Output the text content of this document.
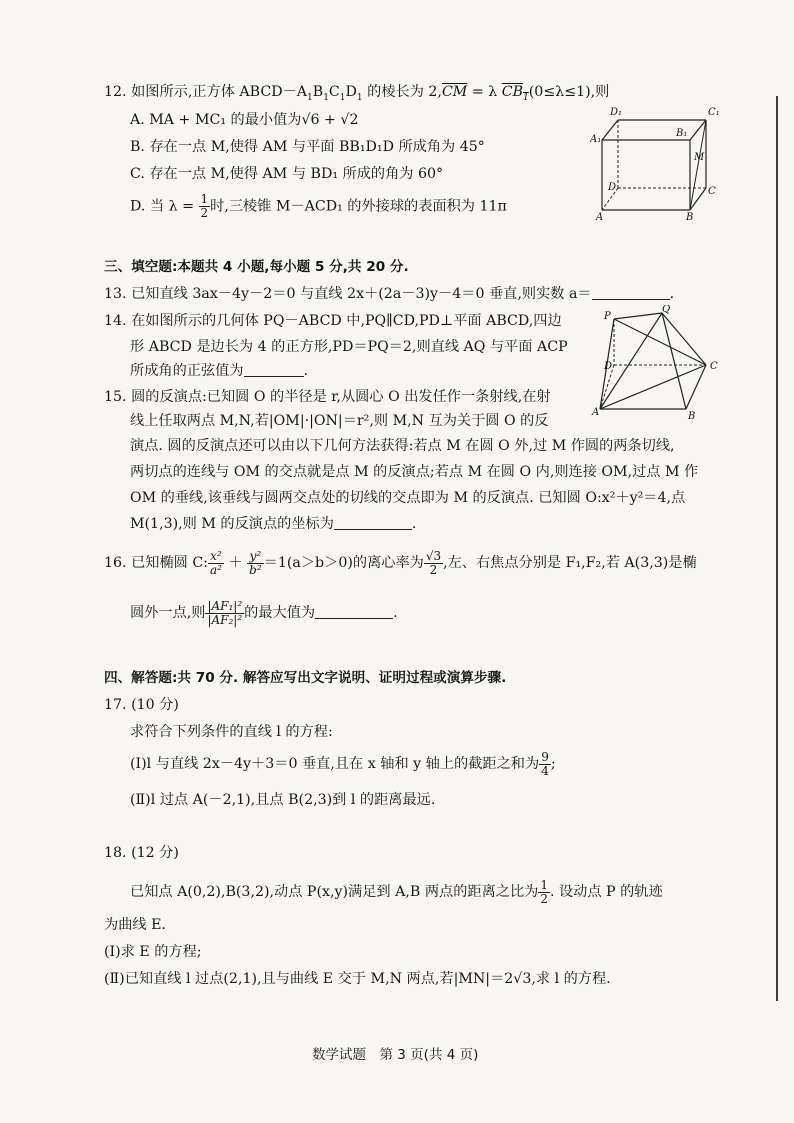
12. 如图所示,正方体 $ABCD-A_1B_1C_1D_1$ 的棱长为 $2,\overline{CM} = \lambda$ $CB_1(0\le\lambda\le 1)$,则
A. MA + MC₁ 的最小值为√6 + √2
B. 存在一点 M,使得 AM 与平面 BB₁D₁D 所成角为 45°
C. 存在一点 M,使得 AM 与 BD₁ 所成的角为 60°
D. 当 $\lambda = \frac{1}{2}$ 时,三棱锥 M－ACD₁ 的外接球的表面积为 11π
D₁	C₁
A₁
B₁
M
D	C
A	B
三、填空题:本题共 4 小题,每小题 5 分,共 20 分.
13. 已知直线 3ax－4y－2＝0 与直线 2x＋(2a－3)y－4＝0 垂直,则实数 a＝	.
14. 在如图所示的几何体 PQ－ABCD 中,PQ∥CD,PD⊥平面 ABCD,四边
形 ABCD 是边长为 4 的正方形,PD＝PQ＝2,则直线 AQ 与平面 ACP
所成角的正弦值为	.
P
Q
D	C
A	B
15. 圆的反演点:已知圆 O 的半径是 r,从圆心 O 出发任作一条射线,在射
线上任取两点 M,N,若|OM|·|ON|＝r²,则 M,N 互为关于圆 O 的反
演点. 圆的反演点还可以由以下几何方法获得:若点 M 在圆 O 外,过 M 作圆的两条切线,
两切点的连线与 OM 的交点就是点 M 的反演点;若点 M 在圆 O 内,则连接 OM,过点 M 作
OM 的垂线,该垂线与圆两交点处的切线的交点即为 M 的反演点. 已知圆 O:x²＋y²＝4,点
M(1,3),则 M 的反演点的坐标为	.
16. 已知椭圆 C: $\frac{\text{x²}}{\text{a²}} + \frac{\text{y²}}{\text{b²}} =1(a>b>0)$的离心率为 $\frac{√3}{2}$ ,左、右焦点分别是 F₁,F₂,若 A(3,3)是椭
圆外一点,则 $\frac{\text{|AF₁|²}}{\text{|AF₂|²}}$ 的最大值为	.
四、解答题:共 70 分. 解答应写出文字说明、证明过程或演算步骤.
17. (10 分)
求符合下列条件的直线 l 的方程:
(Ⅰ)l 与直线 2x－4y＋3＝0 垂直,且在 x 轴和 y 轴上的截距之和为 $\frac{9}{4}$ ;
(Ⅱ)l 过点 A(－2,1),且点 B(2,3)到 l 的距离最远.
18. (12 分)
已知点 A(0,2),B(3,2),动点 P(x,y)满足到 A,B 两点的距离之比为 $\frac{1}{2}$ . 设动点 P 的轨迹
为曲线 E.
(Ⅰ)求 E 的方程;
(Ⅱ)已知直线 l 过点(2,1),且与曲线 E 交于 M,N 两点,若|MN|＝2√3,求 l 的方程.
数学试题　第 3 页(共 4 页)
